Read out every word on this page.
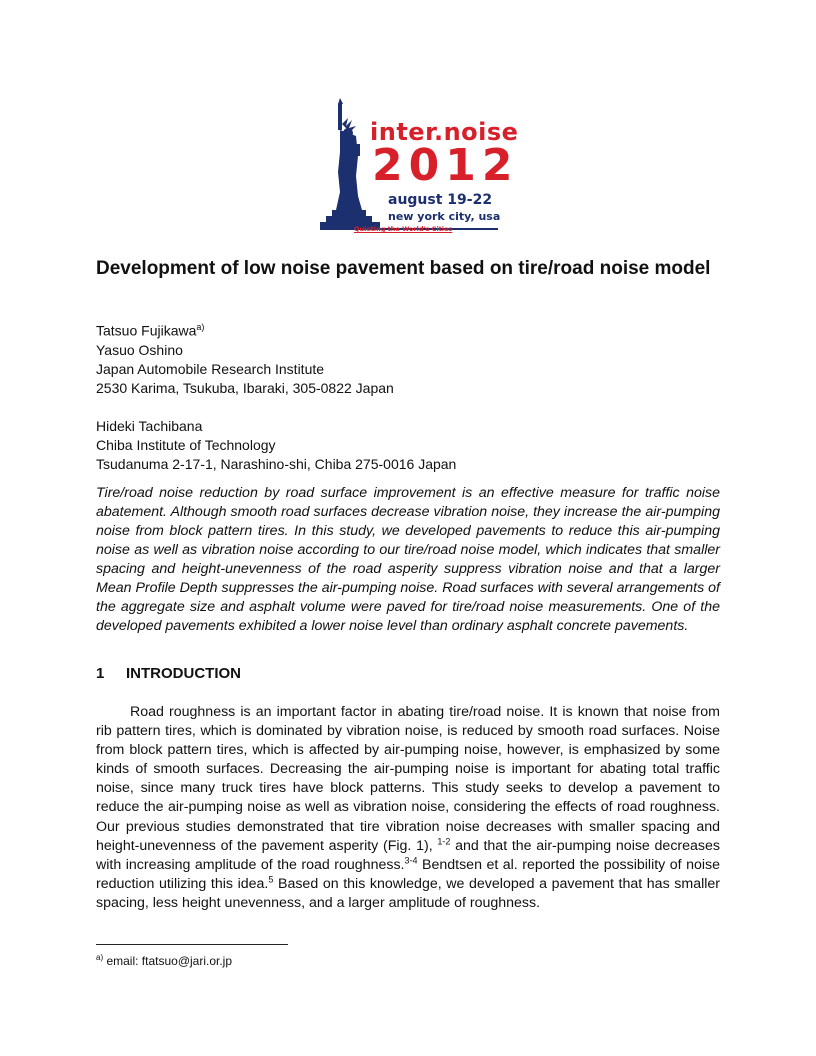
inter.noise
2012
august 19-22
new york city, usa
Quieting the World's Cities
Development of low noise pavement based on tire/road noise model
Tatsuo Fujikawa$^{a)}$
Yasuo Oshino
Japan Automobile Research Institute
2530 Karima, Tsukuba, Ibaraki, 305-0822 Japan
Hideki Tachibana
Chiba Institute of Technology
Tsudanuma 2-17-1, Narashino-shi, Chiba 275-0016 Japan

Tire/road noise reduction by road surface improvement is an effective measure for traffic noise abatement. Although smooth road surfaces decrease vibration noise, they increase the air-pumping noise from block pattern tires. In this study, we developed pavements to reduce this air-pumping noise as well as vibration noise according to our tire/road noise model, which indicates that smaller spacing and height-unevenness of the road asperity suppress vibration noise and that a larger Mean Profile Depth suppresses the air-pumping noise. Road surfaces with several arrangements of the aggregate size and asphalt volume were paved for tire/road noise measurements. One of the developed pavements exhibited a lower noise level than ordinary asphalt concrete pavements.

1 INTRODUCTION

Road roughness is an important factor in abating tire/road noise. It is known that noise from rib pattern tires, which is dominated by vibration noise, is reduced by smooth road surfaces. Noise from block pattern tires, which is affected by air-pumping noise, however, is emphasized by some kinds of smooth surfaces. Decreasing the air-pumping noise is important for abating total traffic noise, since many truck tires have block patterns. This study seeks to develop a pavement to reduce the air-pumping noise as well as vibration noise, considering the effects of road roughness. Our previous studies demonstrated that tire vibration noise decreases with smaller spacing and height-unevenness of the pavement asperity (Fig. 1), $^{1-2}$ and that the air-pumping noise decreases with increasing amplitude of the road roughness.$^{3-4}$ Bendtsen et al. reported the possibility of noise reduction utilizing this idea.$^5$ Based on this knowledge, we developed a pavement that has smaller spacing, less height unevenness, and a larger amplitude of roughness.

$^{a)}$ email: ftatsuo@jari.or.jp
